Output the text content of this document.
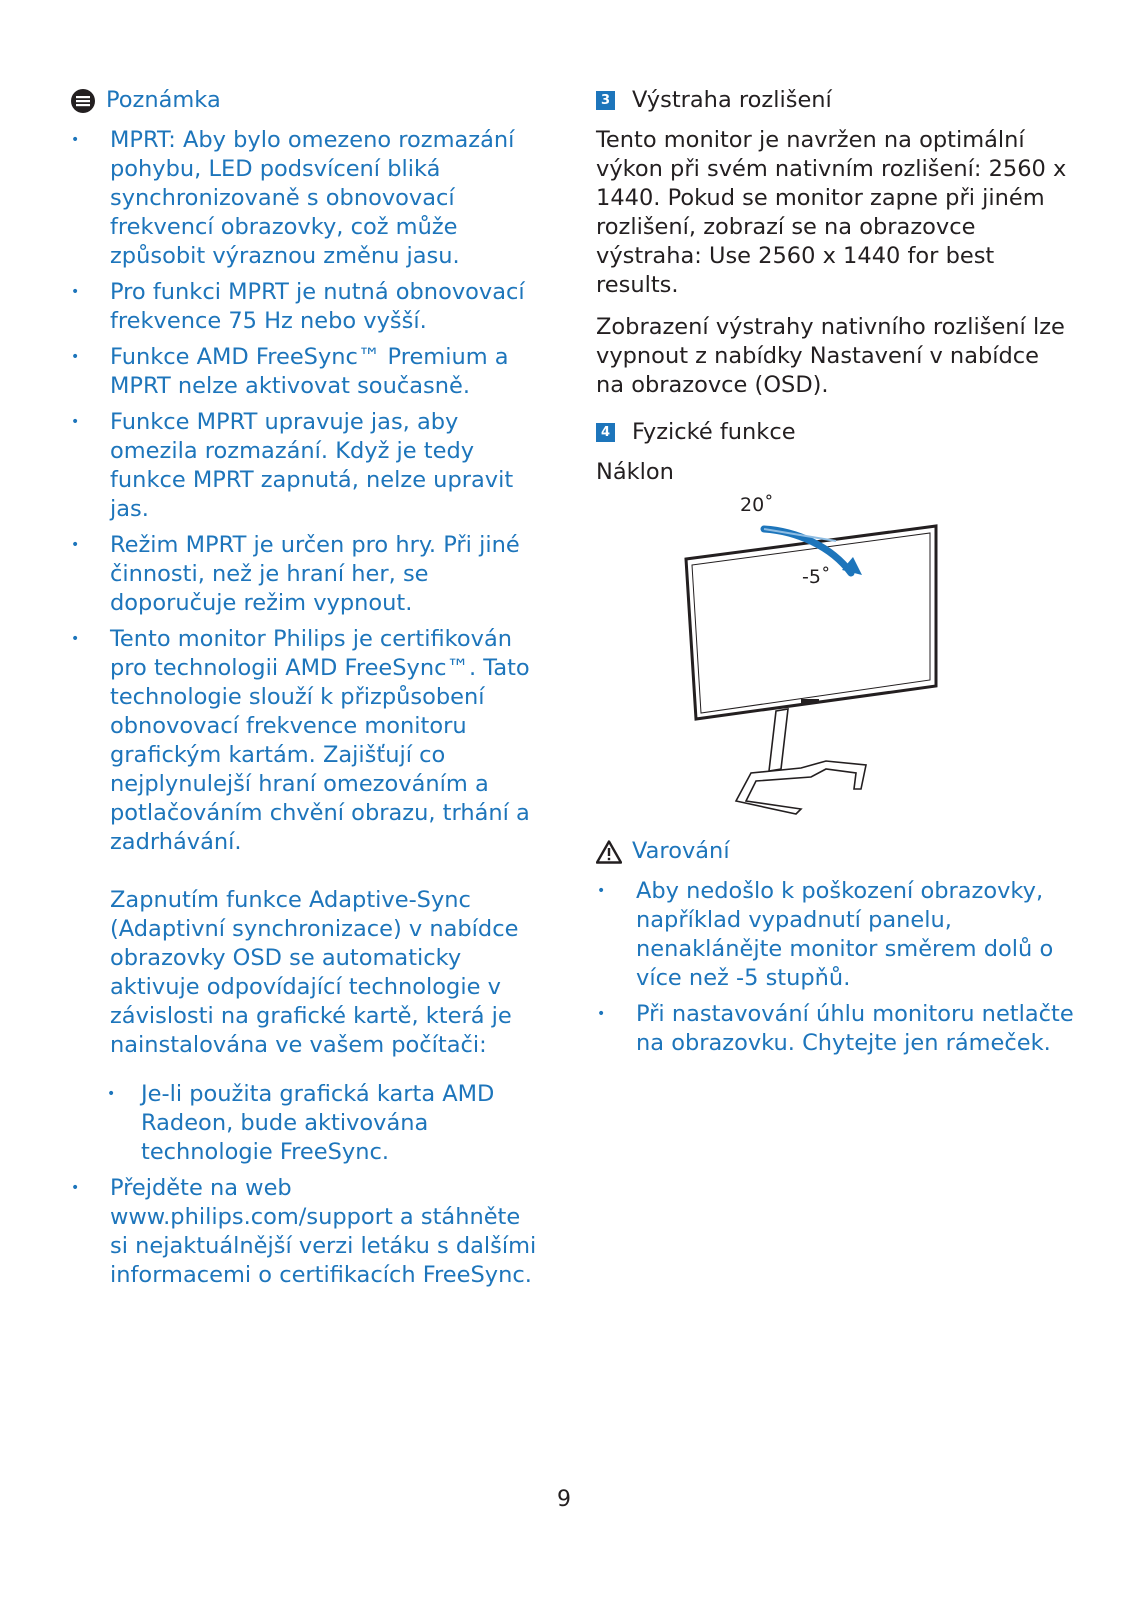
Poznámka
• MPRT: Aby bylo omezeno rozmazání pohybu, LED podsvícení bliká synchronizovaně s obnovovací frekvencí obrazovky, což může způsobit výraznou změnu jasu.
• Pro funkci MPRT je nutná obnovovací frekvence 75 Hz nebo vyšší.
• Funkce AMD FreeSync™ Premium a MPRT nelze aktivovat současně.
• Funkce MPRT upravuje jas, aby omezila rozmazání. Když je tedy funkce MPRT zapnutá, nelze upravit jas.
• Režim MPRT je určen pro hry. Při jiné činnosti, než je hraní her, se doporučuje režim vypnout.
• Tento monitor Philips je certifikován pro technologii AMD FreeSync™. Tato technologie slouží k přizpůsobení obnovovací frekvence monitoru grafickým kartám. Zajišťují co nejplynulejší hraní omezováním a potlačováním chvění obrazu, trhání a zadrhávání.
Zapnutím funkce Adaptive-Sync (Adaptivní synchronizace) v nabídce obrazovky OSD se automaticky aktivuje odpovídající technologie v závislosti na grafické kartě, která je nainstalována ve vašem počítači:
• Je-li použita grafická karta AMD Radeon, bude aktivována technologie FreeSync.
• Přejděte na web www.philips.com/support a stáhněte si nejaktuálnější verzi letáku s dalšími informacemi o certifikacích FreeSync.
3 Výstraha rozlišení

Tento monitor je navržen na optimální výkon při svém nativním rozlišení: 2560 x 1440. Pokud se monitor zapne při jiném rozlišení, zobrazí se na obrazovce výstraha: Use 2560 x 1440 for best results.

Zobrazení výstrahy nativního rozlišení lze vypnout z nabídky Nastavení v nabídce na obrazovce (OSD).

4 Fyzické funkce
Náklon
20˚
-5˚
Varování
• Aby nedošlo k poškození obrazovky, například vypadnutí panelu, nenaklánějte monitor směrem dolů o více než -5 stupňů.
• Při nastavování úhlu monitoru netlačte na obrazovku. Chytejte jen rámeček.
9
